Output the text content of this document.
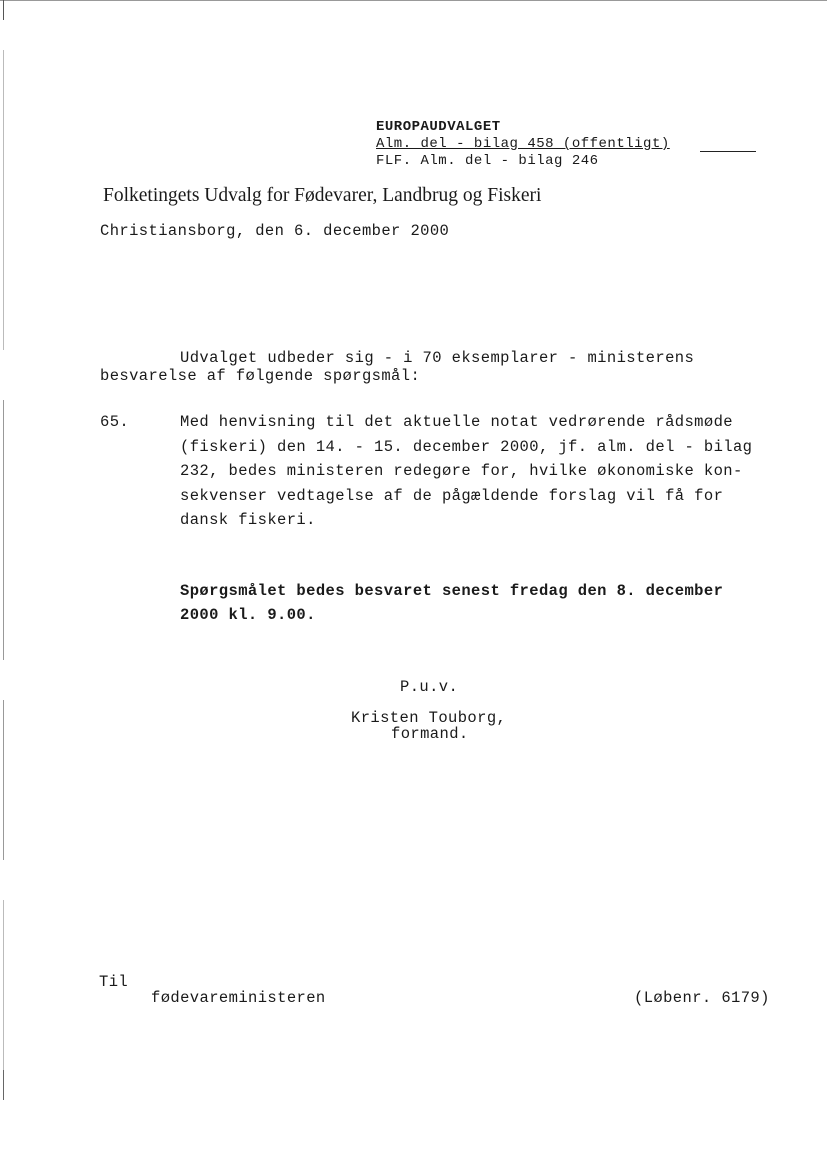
EUROPAUDVALGET
Alm. del - bilag 458 (offentligt)
FLF. Alm. del - bilag 246
Folketingets Udvalg for Fødevarer, Landbrug og Fiskeri
Christiansborg, den 6. december 2000
Udvalget udbeder sig - i 70 eksemplarer - ministerens
besvarelse af følgende spørgsmål:
65.	Med henvisning til det aktuelle notat vedrørende rådsmøde
(fiskeri) den 14. - 15. december 2000, jf. alm. del - bilag
232, bedes ministeren redegøre for, hvilke økonomiske kon-
sekvenser vedtagelse af de pågældende forslag vil få for
dansk fiskeri.
Spørgsmålet bedes besvaret senest fredag den 8. december
2000 kl. 9.00.
P.u.v.
Kristen Touborg,
formand.
Til
fødevareministeren	(Løbenr. 6179)
